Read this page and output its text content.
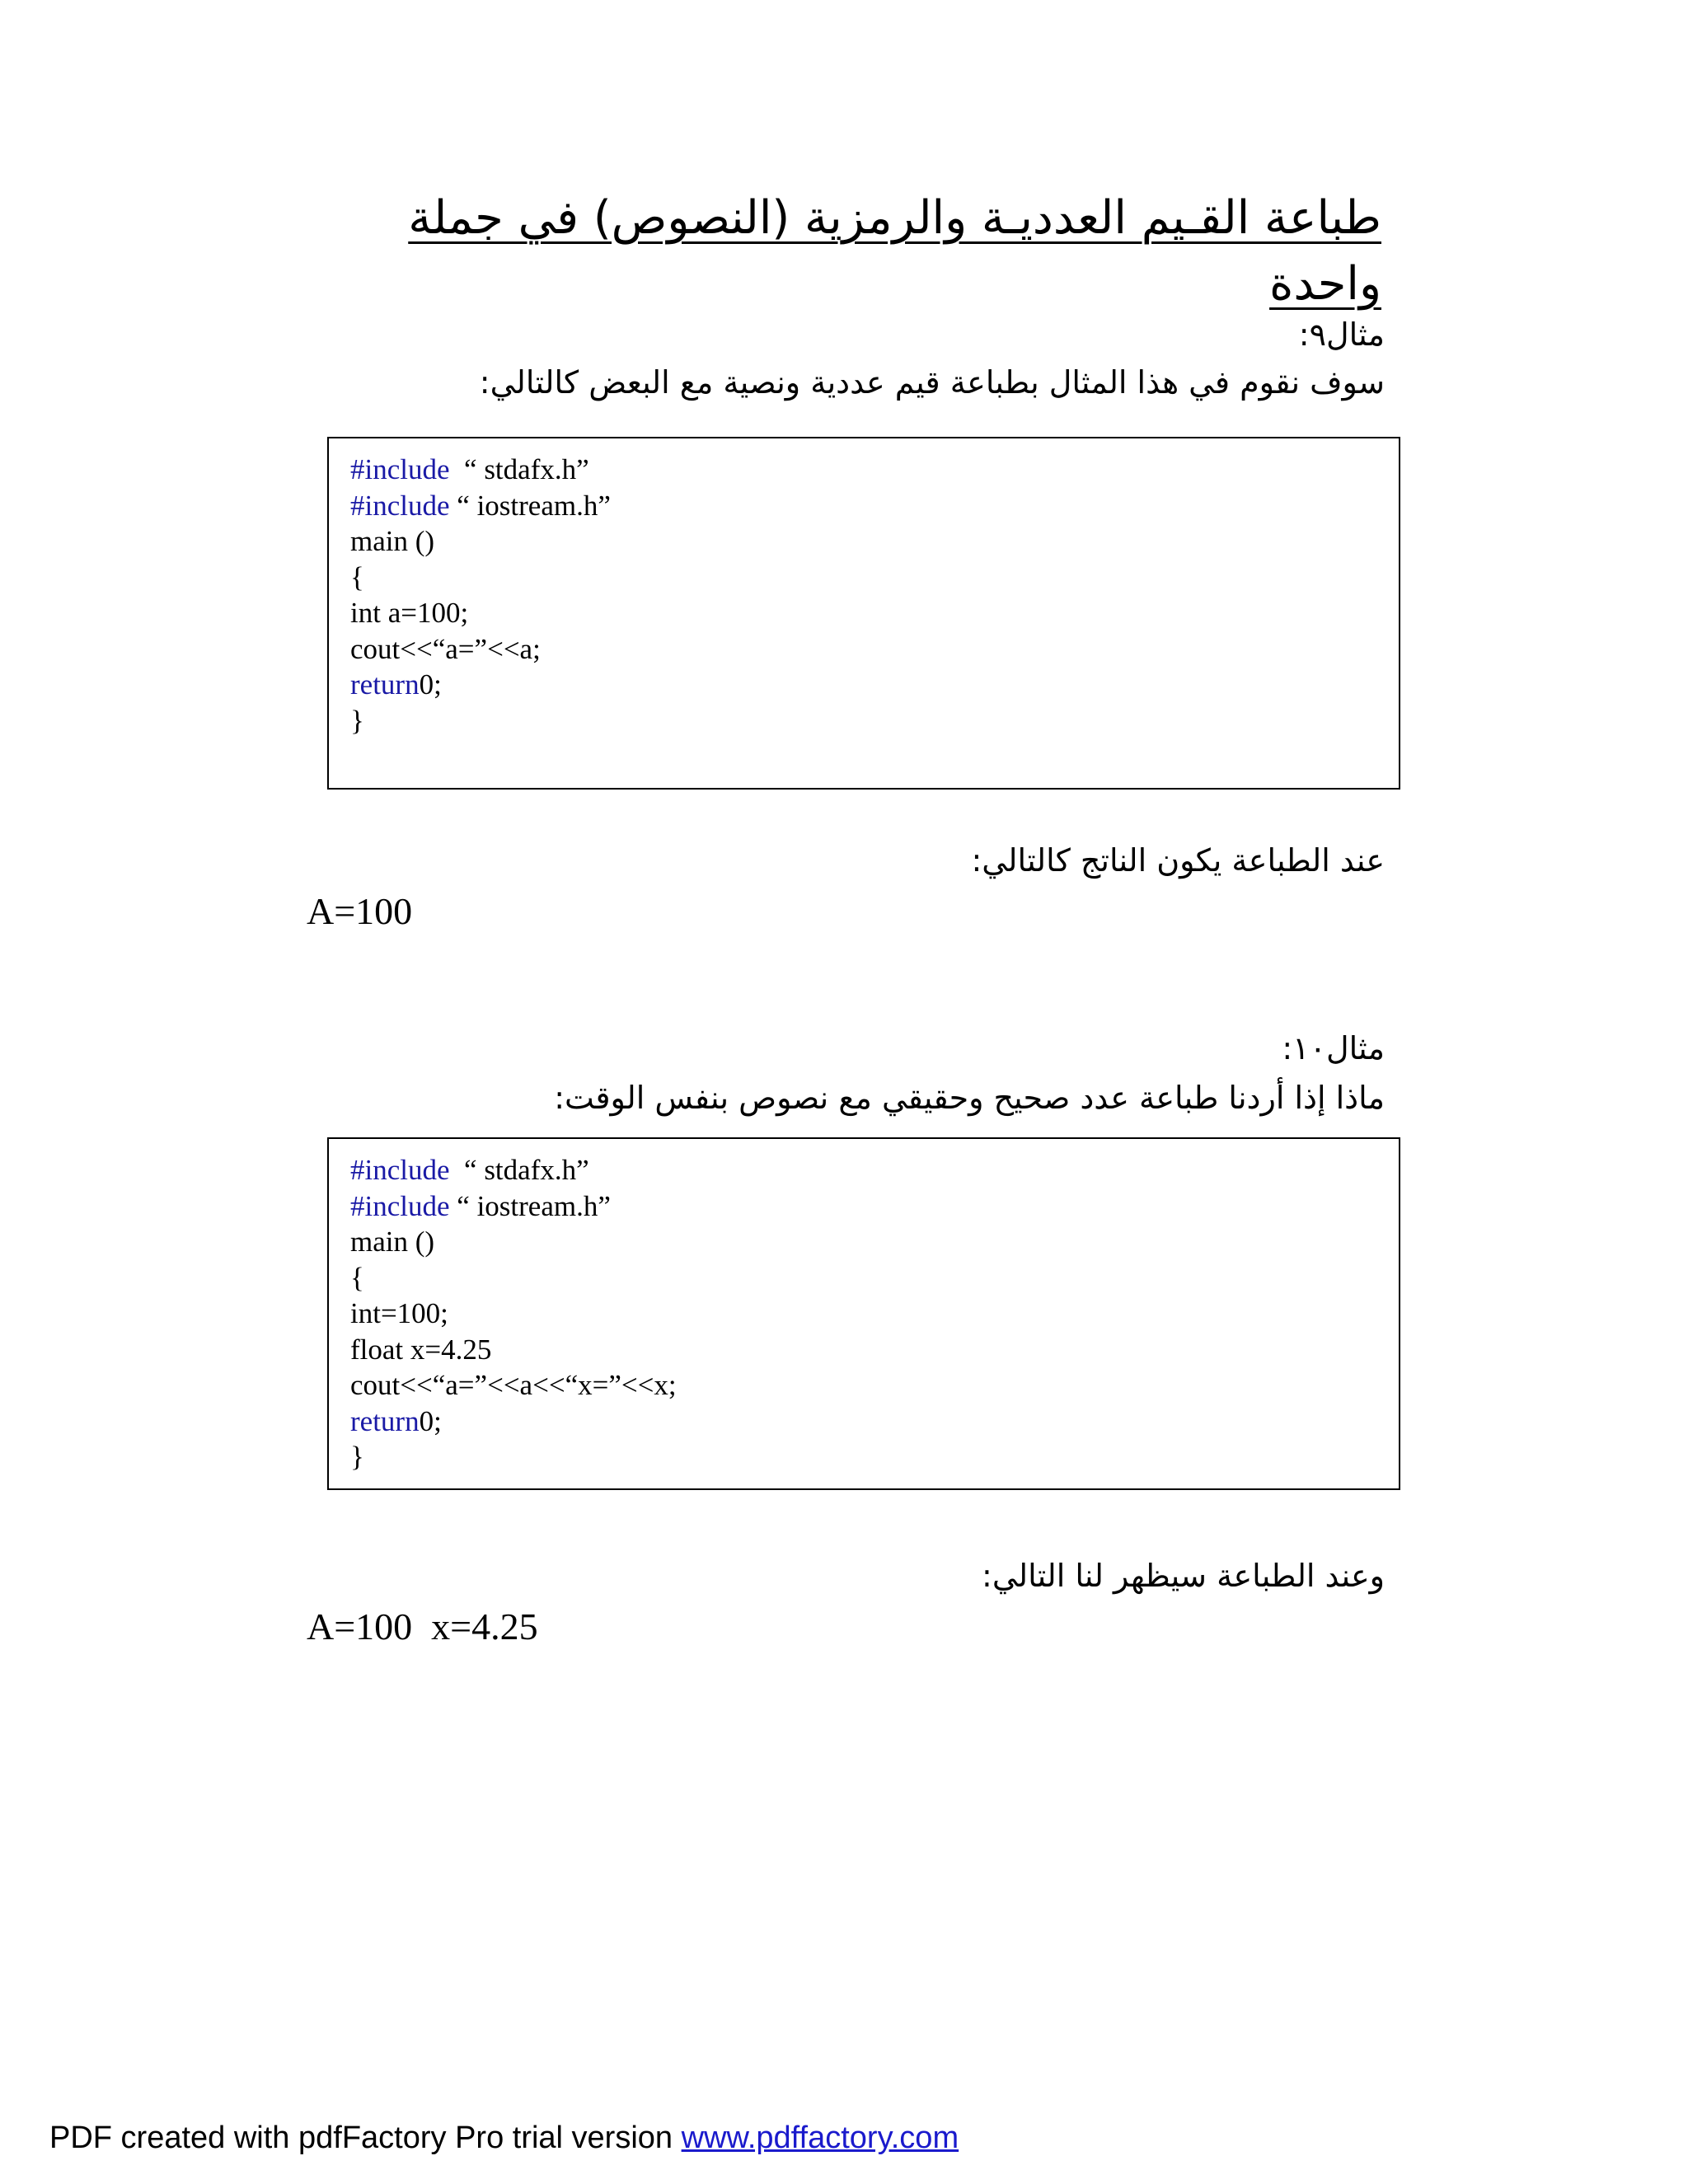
طباعة القـيم العدديـة والرمزية (النصوص) في جملة واحدة
مثال٩:
سوف نقوم في هذا المثال بطباعة قيم عددية ونصية مع البعض كالتالي:
#include  “ stdafx.h”
#include “ iostream.h”
main ()
{
int a=100;
cout<<“a=”<<a;
return0;
}
عند الطباعة يكون الناتج كالتالي:
A=100
مثال١٠:
ماذا إذا أردنا طباعة عدد صحيح وحقيقي مع نصوص بنفس الوقت:
#include  “ stdafx.h”
#include “ iostream.h”
main ()
{
int=100;
float x=4.25
cout<<“a=”<<a<<“x=”<<x;
return0;
}
وعند الطباعة سيظهر لنا التالي:
A=100  x=4.25
PDF created with pdfFactory Pro trial version www.pdffactory.com
